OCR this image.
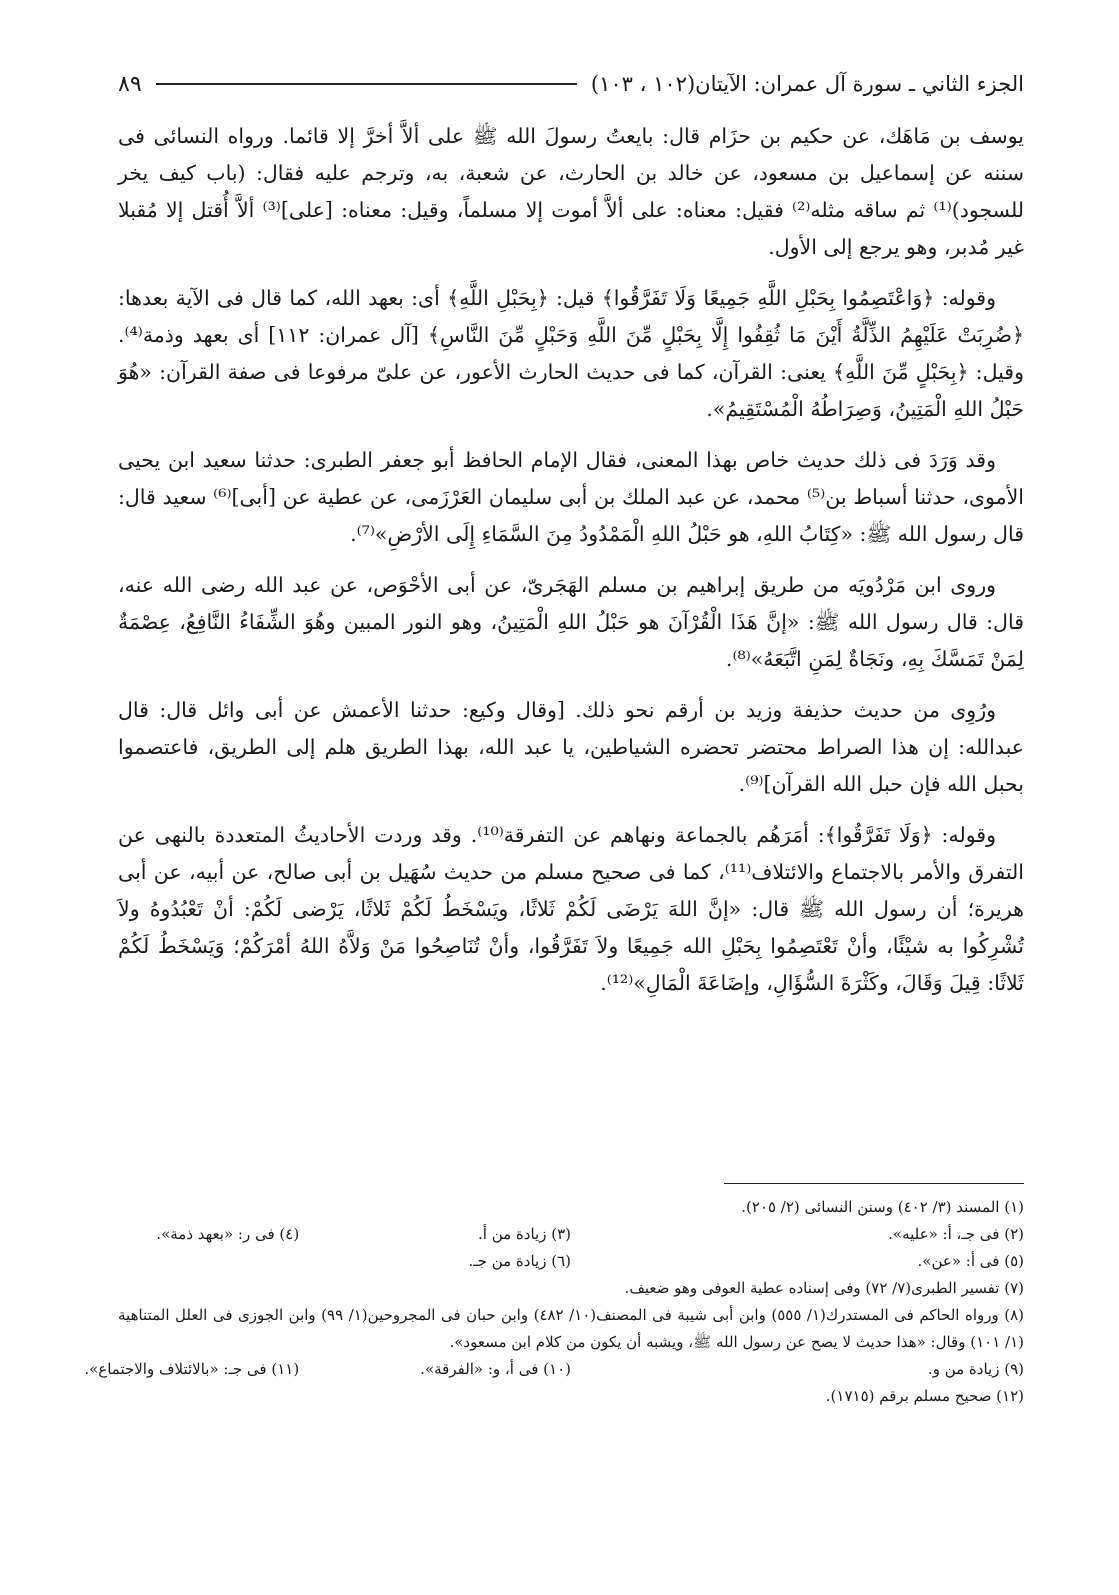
الجزء الثاني ـ سورة آل عمران: الآيتان(١٠٢ ، ١٠٣)
٨٩

يوسف بن مَاهَك، عن حكيم بن حزَام قال: بايعتُ رسولَ الله ﷺ على ألاَّ أخرَّ إلا قائما. ورواه النسائى فى سننه عن إسماعيل بن مسعود، عن خالد بن الحارث، عن شعبة، به، وترجم عليه فقال: (باب كيف يخر للسجود)⁽¹⁾ ثم ساقه مثله⁽²⁾ فقيل: معناه: على ألاَّ أموت إلا مسلماً، وقيل: معناه: [على]⁽³⁾ ألاَّ أُقتل إلا مُقبلا غير مُدبر، وهو يرجع إلى الأول.

وقوله: ﴿وَاعْتَصِمُوا بِحَبْلِ اللَّهِ جَمِيعًا وَلَا تَفَرَّقُوا﴾ قيل: ﴿بِحَبْلِ اللَّهِ﴾ أى: بعهد الله، كما قال فى الآية بعدها: ﴿ضُرِبَتْ عَلَيْهِمُ الذِّلَّةُ أَيْنَ مَا ثُقِفُوا إِلَّا بِحَبْلٍ مِّنَ اللَّهِ وَحَبْلٍ مِّنَ النَّاسِ﴾ [آل عمران: ١١٢] أى بعهد وذمة⁽⁴⁾. وقيل: ﴿بِحَبْلٍ مِّنَ اللَّهِ﴾ يعنى: القرآن، كما فى حديث الحارث الأعور، عن علىّ مرفوعا فى صفة القرآن: «هُوَ حَبْلُ اللهِ الْمَتِينُ، وَصِرَاطُهُ الْمُسْتَقِيمُ».

وقد وَرَدَ فى ذلك حديث خاص بهذا المعنى، فقال الإمام الحافظ أبو جعفر الطبرى: حدثنا سعيد ابن يحيى الأموى، حدثنا أسباط بن⁽⁵⁾ محمد، عن عبد الملك بن أبى سليمان العَرْزَمى، عن عطية عن [أبى]⁽⁶⁾ سعيد قال: قال رسول الله ﷺ: «كِتَابُ اللهِ، هو حَبْلُ اللهِ الْمَمْدُودُ مِنَ السَّمَاءِ إِلَى الأرْضِ»⁽⁷⁾.

وروى ابن مَرْدُويَه من طريق إبراهيم بن مسلم الهَجَرىّ، عن أبى الأحْوَص، عن عبد الله رضى الله عنه، قال: قال رسول الله ﷺ: «إنَّ هَذَا الْقُرْآنَ هو حَبْلُ اللهِ الْمَتِينُ، وهو النور المبين وهُوَ الشِّفَاءُ النَّافِعُ، عِصْمَةٌ لِمَنْ تَمَسَّكَ بِهِ، ونَجَاةٌ لِمَنِ اتَّبَعَهُ»⁽⁸⁾.

ورُوِى من حديث حذيفة وزيد بن أرقم نحو ذلك. [وقال وكيع: حدثنا الأعمش عن أبى وائل قال: قال عبدالله: إن هذا الصراط محتضر تحضره الشياطين، يا عبد الله، بهذا الطريق هلم إلى الطريق، فاعتصموا بحبل الله فإن حبل الله القرآن]⁽⁹⁾.

وقوله: ﴿وَلَا تَفَرَّقُوا﴾: أمَرَهُم بالجماعة ونهاهم عن التفرقة⁽¹⁰⁾. وقد وردت الأحاديثُ المتعددة بالنهى عن التفرق والأمر بالاجتماع والائتلاف⁽¹¹⁾، كما فى صحيح مسلم من حديث سُهَيل بن أبى صالح، عن أبيه، عن أبى هريرة؛ أن رسول الله ﷺ قال: «إنَّ اللهَ يَرْضَى لَكُمْ ثَلاثًا، ويَسْخَطُ لَكُمْ ثَلاثًا، يَرْضى لَكُمْ: أنْ تَعْبُدُوهُ ولاَ تُشْرِكُوا به شيْئًا، وأنْ تَعْتَصِمُوا بِحَبْلِ الله جَمِيعًا ولاَ تَفَرَّقُوا، وأنْ تُنَاصِحُوا مَنْ وَلاَّهُ اللهُ أمْرَكُمْ؛ وَيَسْخَطُ لَكُمْ ثَلاثًا: قِيلَ وَقَالَ، وكَثْرَةَ السُّؤَالِ، وإضَاعَةَ الْمَالِ»⁽¹²⁾.

(١) المسند (٣/ ٤٠٢) وسنن النسائى (٢/ ٢٠٥).
(٢) فى جـ، أ: «عليه».
(٣) زيادة من أ.
(٤) فى ر: «بعهد ذمة».
(٥) فى أ: «عن».
(٦) زيادة من جـ.
(٧) تفسير الطبرى(٧/ ٧٢) وفى إسناده عطية العوفى وهو ضعيف.
(٨) ورواه الحاكم فى المستدرك(١/ ٥٥٥) وابن أبى شيبة فى المصنف(١٠/ ٤٨٢) وابن حبان فى المجروحين(١/ ٩٩) وابن الجوزى فى العلل المتناهية (١/ ١٠١) وقال: «هذا حديث لا يصح عن رسول الله ﷺ، ويشبه أن يكون من كلام ابن مسعود».
(٩) زيادة من و.
(١٠) فى أ، و: «الفرقة».
(١١) فى جـ: «بالائتلاف والاجتماع».
(١٢) صحيح مسلم برقم (١٧١٥).
